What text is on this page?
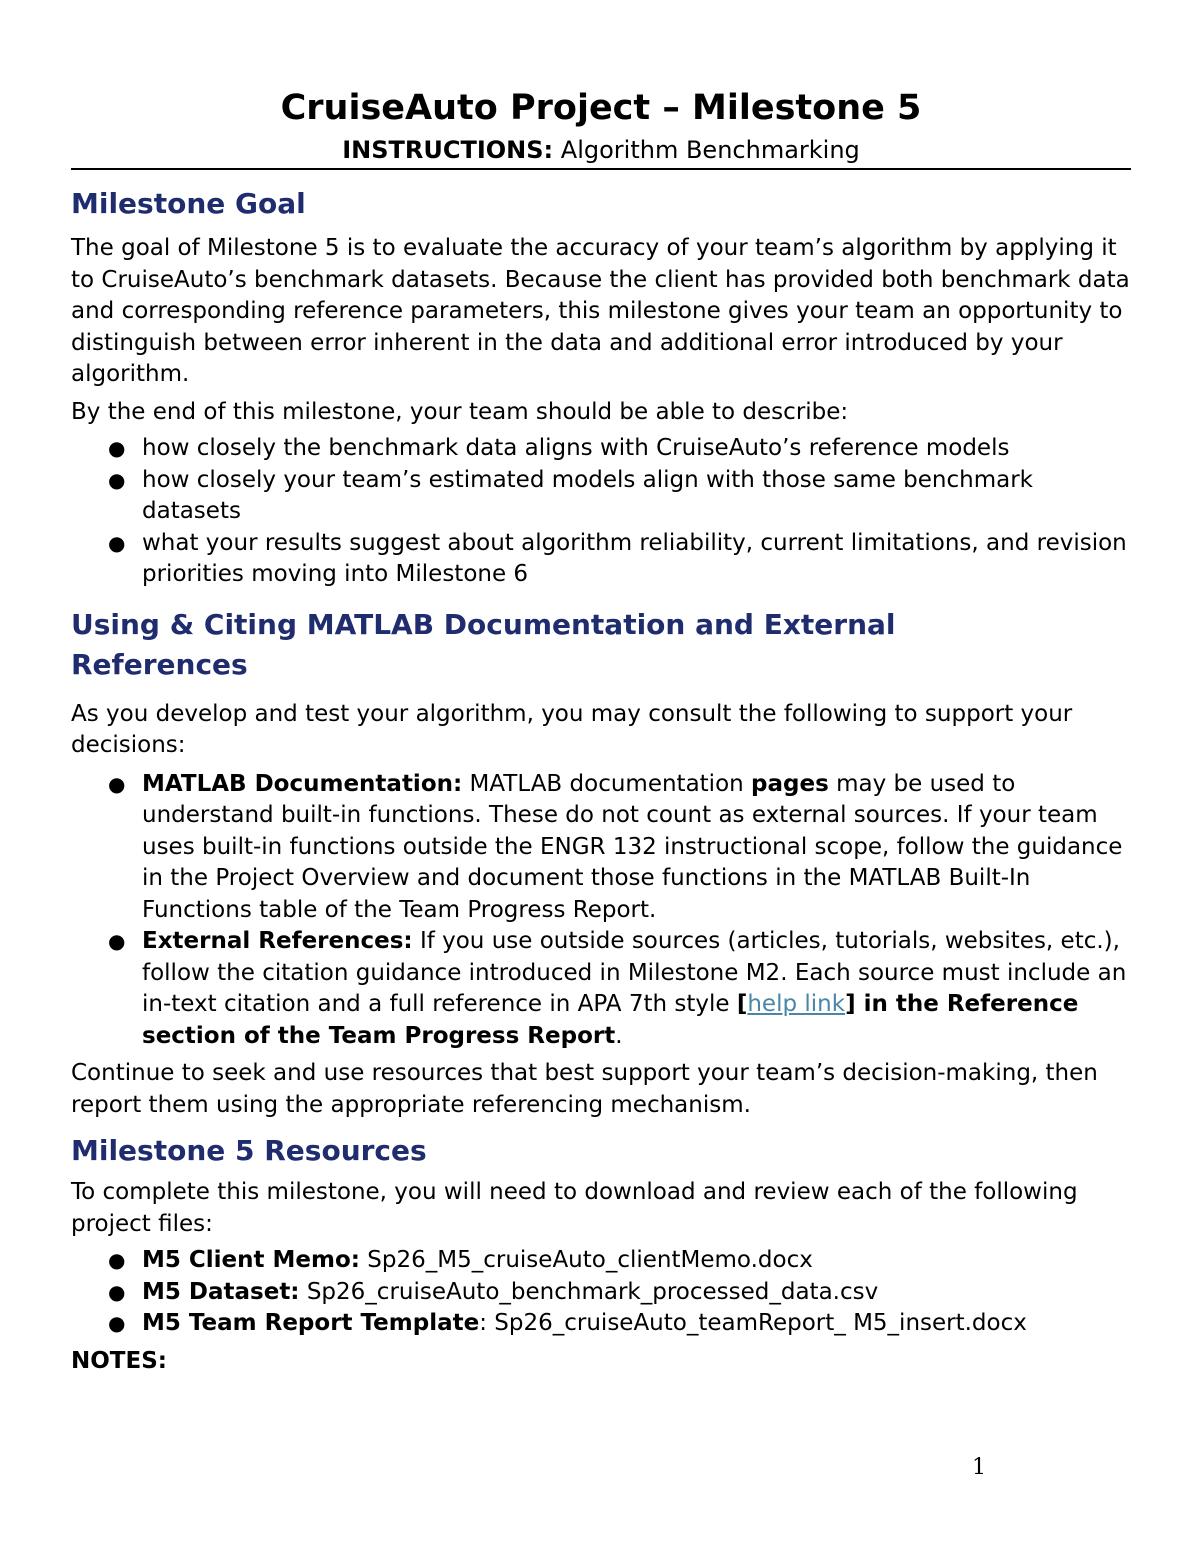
CruiseAuto Project – Milestone 5
INSTRUCTIONS: Algorithm Benchmarking
Milestone Goal

The goal of Milestone 5 is to evaluate the accuracy of your team’s algorithm by applying it to CruiseAuto’s benchmark datasets. Because the client has provided both benchmark data and corresponding reference parameters, this milestone gives your team an opportunity to distinguish between error inherent in the data and additional error introduced by your algorithm.

By the end of this milestone, your team should be able to describe:

● how closely the benchmark data aligns with CruiseAuto’s reference models
● how closely your team’s estimated models align with those same benchmark datasets
● what your results suggest about algorithm reliability, current limitations, and revision priorities moving into Milestone 6
Using & Citing MATLAB Documentation and External
References

As you develop and test your algorithm, you may consult the following to support your decisions:

● MATLAB Documentation: MATLAB documentation pages may be used to understand built-in functions. These do not count as external sources. If your team uses built-in functions outside the ENGR 132 instructional scope, follow the guidance in the Project Overview and document those functions in the MATLAB Built-In Functions table of the Team Progress Report.
● External References: If you use outside sources (articles, tutorials, websites, etc.), follow the citation guidance introduced in Milestone M2. Each source must include an in-text citation and a full reference in APA 7th style [help link] in the Reference section of the Team Progress Report.

Continue to seek and use resources that best support your team’s decision-making, then report them using the appropriate referencing mechanism.

Milestone 5 Resources

To complete this milestone, you will need to download and review each of the following project files:

● M5 Client Memo: Sp26_M5_cruiseAuto_clientMemo.docx
● M5 Dataset: Sp26_cruiseAuto_benchmark_processed_data.csv
● M5 Team Report Template: Sp26_cruiseAuto_teamReport_ M5_insert.docx

NOTES:

1
